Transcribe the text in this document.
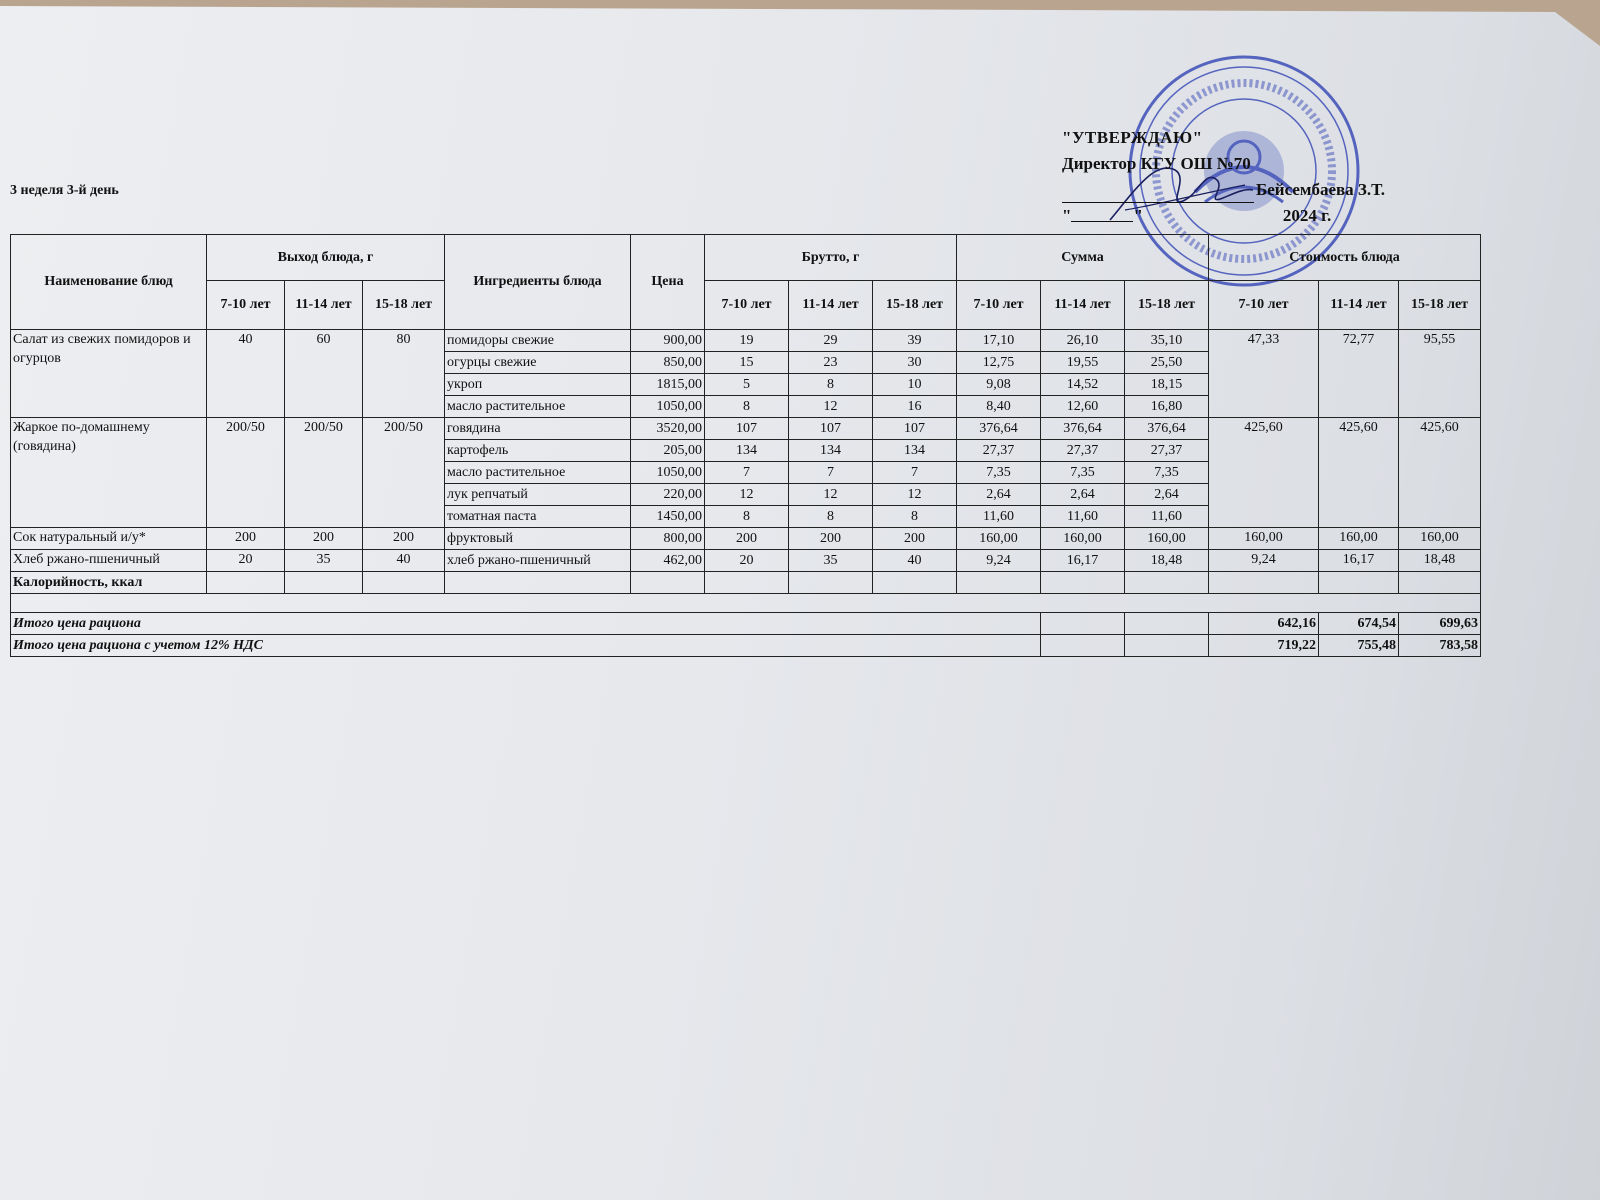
3 неделя 3-й день
"УТВЕРЖДАЮ"
Директор КГУ ОШ №70
Бейсембаева З.Т.
"	"	2024 г.
Наименование блюд	Выход блюда, г			Ингредиенты блюда	Цена	Брутто, г			Сумма			Стоимость блюда		
	7-10 лет	11-14 лет	15-18 лет			7-10 лет	11-14 лет	15-18 лет	7-10 лет	11-14 лет	15-18 лет	7-10 лет	11-14 лет	15-18 лет
Салат из свежих помидоров и огурцов	40	60	80	помидоры свежие	900,00	19	29	39	17,10	26,10	35,10	47,33	72,77	95,55
				огурцы свежие	850,00	15	23	30	12,75	19,55	25,50			
				укроп	1815,00	5	8	10	9,08	14,52	18,15			
				масло растительное	1050,00	8	12	16	8,40	12,60	16,80			
Жаркое по-домашнему (говядина)	200/50	200/50	200/50	говядина	3520,00	107	107	107	376,64	376,64	376,64	425,60	425,60	425,60
				картофель	205,00	134	134	134	27,37	27,37	27,37			
				масло растительное	1050,00	7	7	7	7,35	7,35	7,35			
				лук репчатый	220,00	12	12	12	2,64	2,64	2,64			
				томатная паста	1450,00	8	8	8	11,60	11,60	11,60			
Сок натуральный и/у*	200	200	200	фруктовый	800,00	200	200	200	160,00	160,00	160,00	160,00	160,00	160,00
Хлеб ржано-пшеничный	20	35	40	хлеб ржано-пшеничный	462,00	20	35	40	9,24	16,17	18,48	9,24	16,17	18,48
Калорийность, ккал														

Итого цена рациона												642,16	674,54	699,63
Итого цена рациона с учетом 12% НДС												719,22	755,48	783,58
